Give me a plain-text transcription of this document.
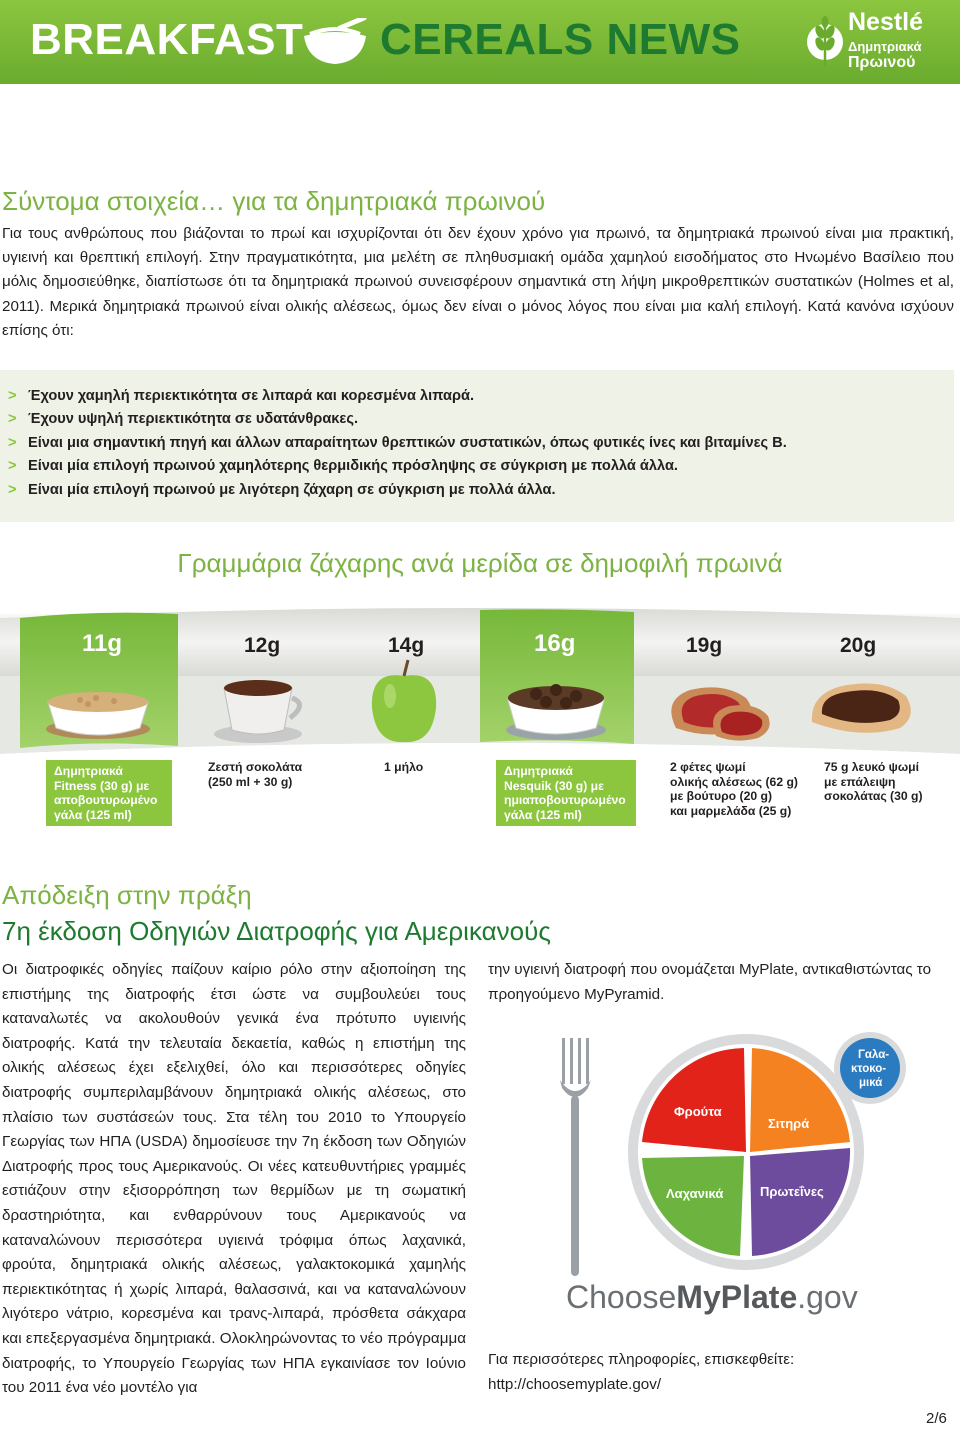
BREAKFAST CEREALS NEWS	Nestlé
Δημητριακά
Πρωινού
Σύντομα στοιχεία… για τα δημητριακά πρωινού
Για τους ανθρώπους που βιάζονται το πρωί και ισχυρίζονται ότι δεν έχουν χρόνο για πρωινό, τα δημητριακά πρωινού είναι μια πρακτική, υγιεινή και θρεπτική επιλογή. Στην πραγματικότητα, μια μελέτη σε πληθυσμιακή ομάδα χαμηλού εισοδήματος στο Ηνωμένο Βασίλειο που μόλις δημοσιεύθηκε, διαπίστωσε ότι τα δημητριακά πρωινού συνεισφέρουν σημαντικά στη λήψη μικροθρεπτικών συστατικών (Holmes et al, 2011). Μερικά δημητριακά πρωινού είναι ολικής αλέσεως, όμως δεν είναι ο μόνος λόγος που είναι μια καλή επιλογή. Κατά κανόνα ισχύουν επίσης ότι:
> Έχουν χαμηλή περιεκτικότητα σε λιπαρά και κορεσμένα λιπαρά.
> Έχουν υψηλή περιεκτικότητα σε υδατάνθρακες.
> Είναι μια σημαντική πηγή και άλλων απαραίτητων θρεπτικών συστατικών, όπως φυτικές ίνες και βιταμίνες Β.
> Είναι μία επιλογή πρωινού χαμηλότερης θερμιδικής πρόσληψης σε σύγκριση με πολλά άλλα.
> Είναι μία επιλογή πρωινού με λιγότερη ζάχαρη σε σύγκριση με πολλά άλλα.
Γραμμάρια ζάχαρης ανά μερίδα σε δημοφιλή πρωινά
11g	12g	14g	16g	19g	20g
Δημητριακά
Fitness (30 g) με
αποβουτυρωμένο
γάλα (125 ml)
Ζεστή σοκολάτα
(250 ml + 30 g)
1 μήλο	Δημητριακά
Nesquik (30 g) με
ημιαποβουτυρωμένο
γάλα (125 ml)
2 φέτες ψωμί
ολικής αλέσεως (62 g)
με βούτυρο (20 g)
και μαρμελάδα (25 g)
75 g λευκό ψωμί
με επάλειψη
σοκολάτας (30 g)
Απόδειξη στην πράξη
7η έκδοση Οδηγιών Διατροφής για Αμερικανούς
Οι διατροφικές οδηγίες παίζουν καίριο ρόλο στην αξιοποίηση της επιστήμης της διατροφής έτσι ώστε να συμβουλεύει τους καταναλωτές να ακολουθούν γενικά ένα πρότυπο υγιεινής διατροφής. Κατά την τελευταία δεκαετία, καθώς η επιστήμη της ολικής αλέσεως έχει εξελιχθεί, όλο και περισσότερες οδηγίες διατροφής συμπεριλαμβάνουν δημητριακά ολικής αλέσεως, στο πλαίσιο των συστάσεών τους. Στα τέλη του 2010 το Υπουργείο Γεωργίας των ΗΠΑ (USDA) δημοσίευσε την 7η έκδοση των Οδηγιών Διατροφής προς τους Αμερικανούς. Οι νέες κατευθυντήριες γραμμές εστιάζουν στην εξισορρόπηση των θερμίδων με τη σωματική δραστηριότητα, και ενθαρρύνουν τους Αμερικανούς να καταναλώνουν περισσότερα υγιεινά τρόφιμα όπως λαχανικά, φρούτα, δημητριακά ολικής αλέσεως, γαλακτοκομικά χαμηλής περιεκτικότητας ή χωρίς λιπαρά, θαλασσινά, και να καταναλώνουν λιγότερο νάτριο, κορεσμένα και τρανς-λιπαρά, πρόσθετα σάκχαρα και επεξεργασμένα δημητριακά. Ολοκληρώνοντας το νέο πρόγραμμα διατροφής, το Υπουργείο Γεωργίας των ΗΠΑ εγκαινίασε τον Ιούνιο του 2011 ένα νέο μοντέλο για
την υγιεινή διατροφή που ονομάζεται MyPlate, αντικαθιστώντας το προηγούμενο MyPyramid.
Φρούτα
Σιτηρά
Λαχανικά	Πρωτεΐνες
Γαλα-
κτοκο-
μικά
ChooseMyPlate.gov
Για περισσότερες πληροφορίες, επισκεφθείτε:
http://choosemyplate.gov/
2/6
